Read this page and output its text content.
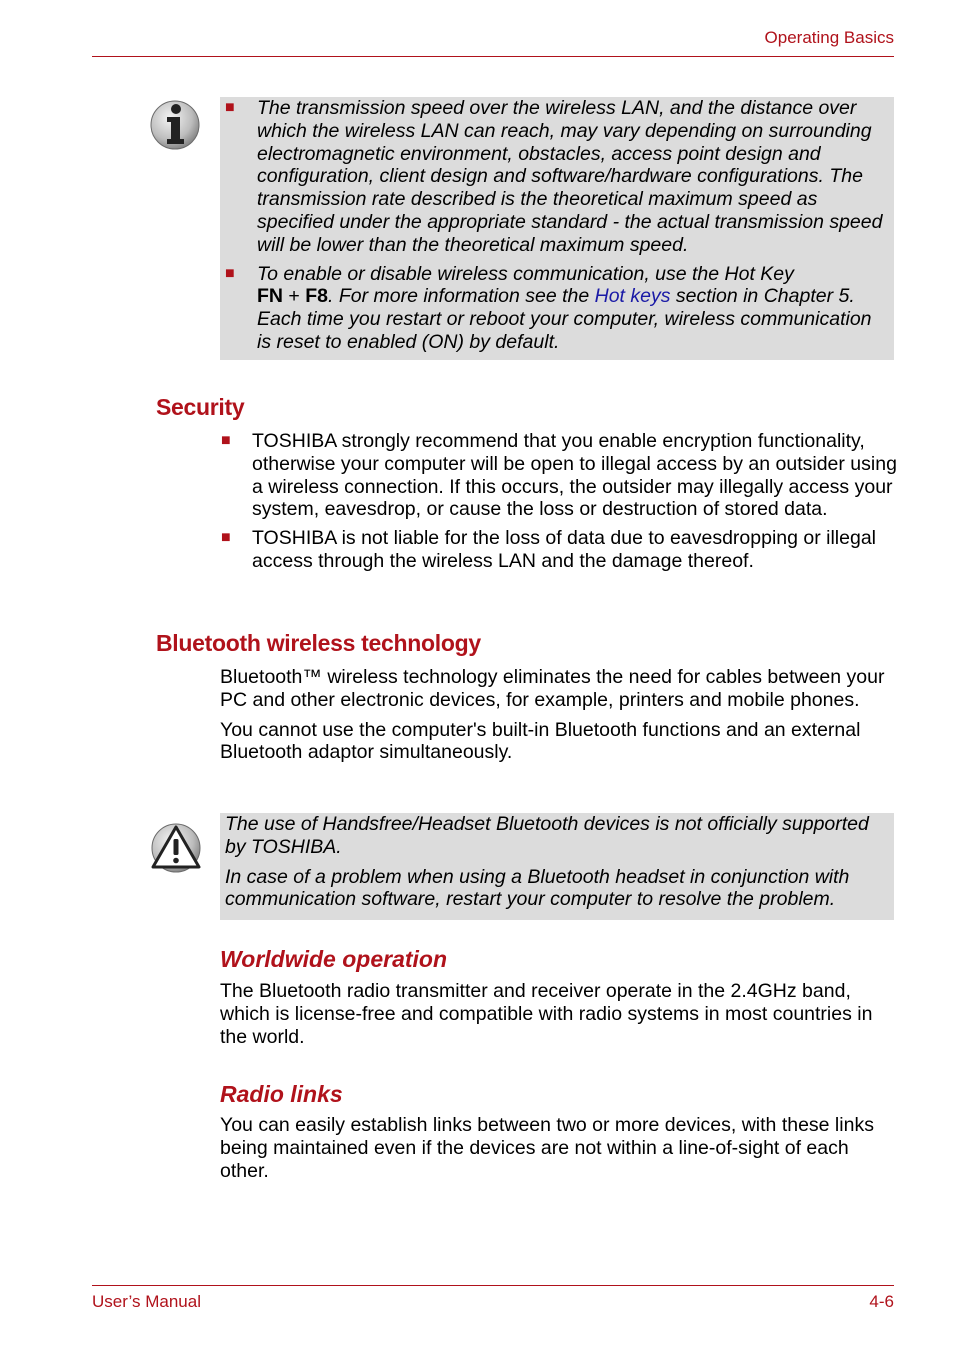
Operating Basics
■ The transmission speed over the wireless LAN, and the distance over which the wireless LAN can reach, may vary depending on surrounding electromagnetic environment, obstacles, access point design and configuration, client design and software/hardware configurations. The transmission rate described is the theoretical maximum speed as specified under the appropriate standard - the actual transmission speed will be lower than the theoretical maximum speed.
■ To enable or disable wireless communication, use the Hot Key
FN + F8. For more information see the Hot keys section in Chapter 5. Each time you restart or reboot your computer, wireless communication is reset to enabled (ON) by default.
Security
■ TOSHIBA strongly recommend that you enable encryption functionality, otherwise your computer will be open to illegal access by an outsider using a wireless connection. If this occurs, the outsider may illegally access your system, eavesdrop, or cause the loss or destruction of stored data.
■ TOSHIBA is not liable for the loss of data due to eavesdropping or illegal access through the wireless LAN and the damage thereof.
Bluetooth wireless technology

Bluetooth™ wireless technology eliminates the need for cables between your PC and other electronic devices, for example, printers and mobile phones.

You cannot use the computer's built-in Bluetooth functions and an external Bluetooth adaptor simultaneously.

The use of Handsfree/Headset Bluetooth devices is not officially supported by TOSHIBA.

In case of a problem when using a Bluetooth headset in conjunction with communication software, restart your computer to resolve the problem.

Worldwide operation

The Bluetooth radio transmitter and receiver operate in the 2.4GHz band, which is license-free and compatible with radio systems in most countries in the world.

Radio links

You can easily establish links between two or more devices, with these links being maintained even if the devices are not within a line-of-sight of each other.

User’s Manual	4-6
